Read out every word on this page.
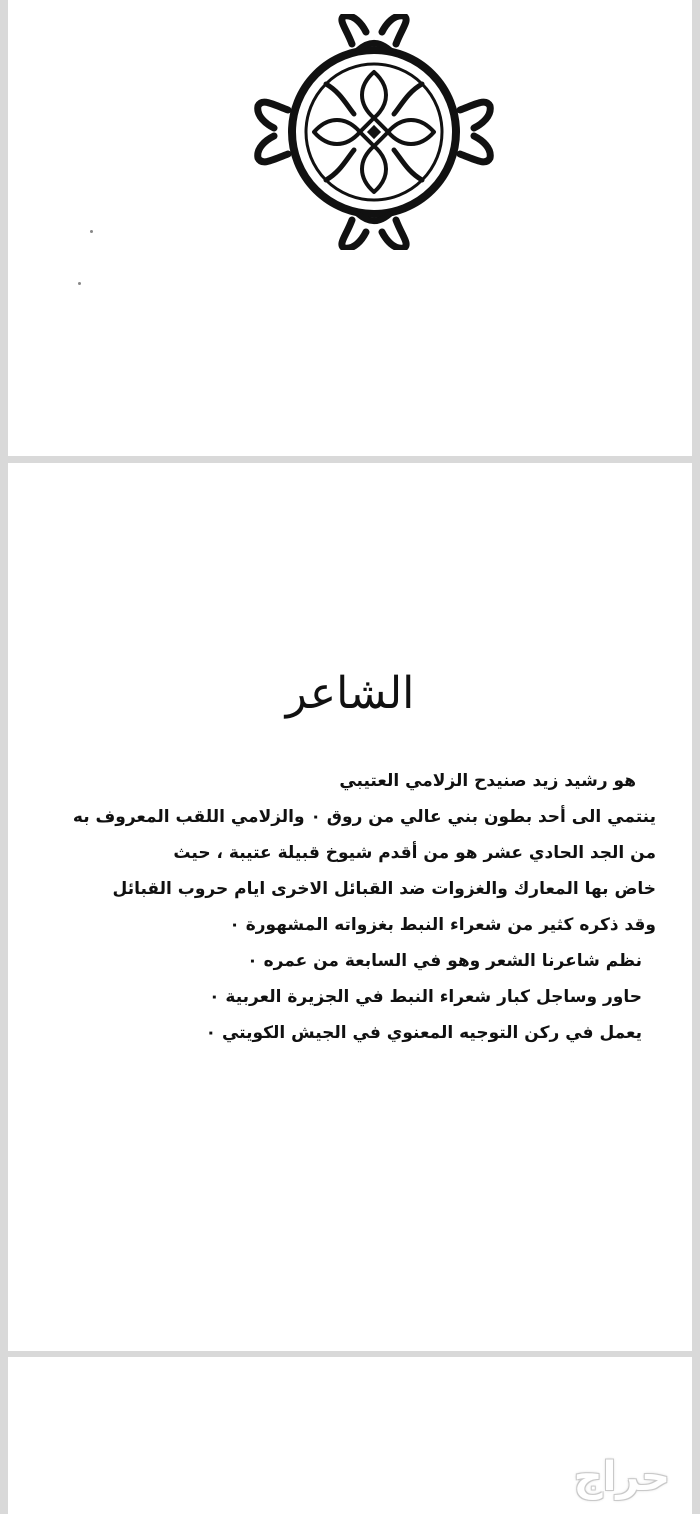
الشاعر
هو رشيد زيد صنيدح الزلامي العتيبي
ينتمي الى أحد بطون بني عالي من روق ٠ والزلامي اللقب المعروف به
من الجد الحادي عشر هو من أقدم شيوخ قبيلة عتيبة ، حيث
خاض بها المعارك والغزوات ضد القبائل الاخرى ايام حروب القبائل
وقد ذكره كثير من شعراء النبط بغزواته المشهورة ٠
نظم شاعرنا الشعر وهو في السابعة من عمره ٠
حاور وساجل كبار شعراء النبط في الجزيرة العربية ٠
يعمل في ركن التوجيه المعنوي في الجيش الكويتي ٠
حراج
